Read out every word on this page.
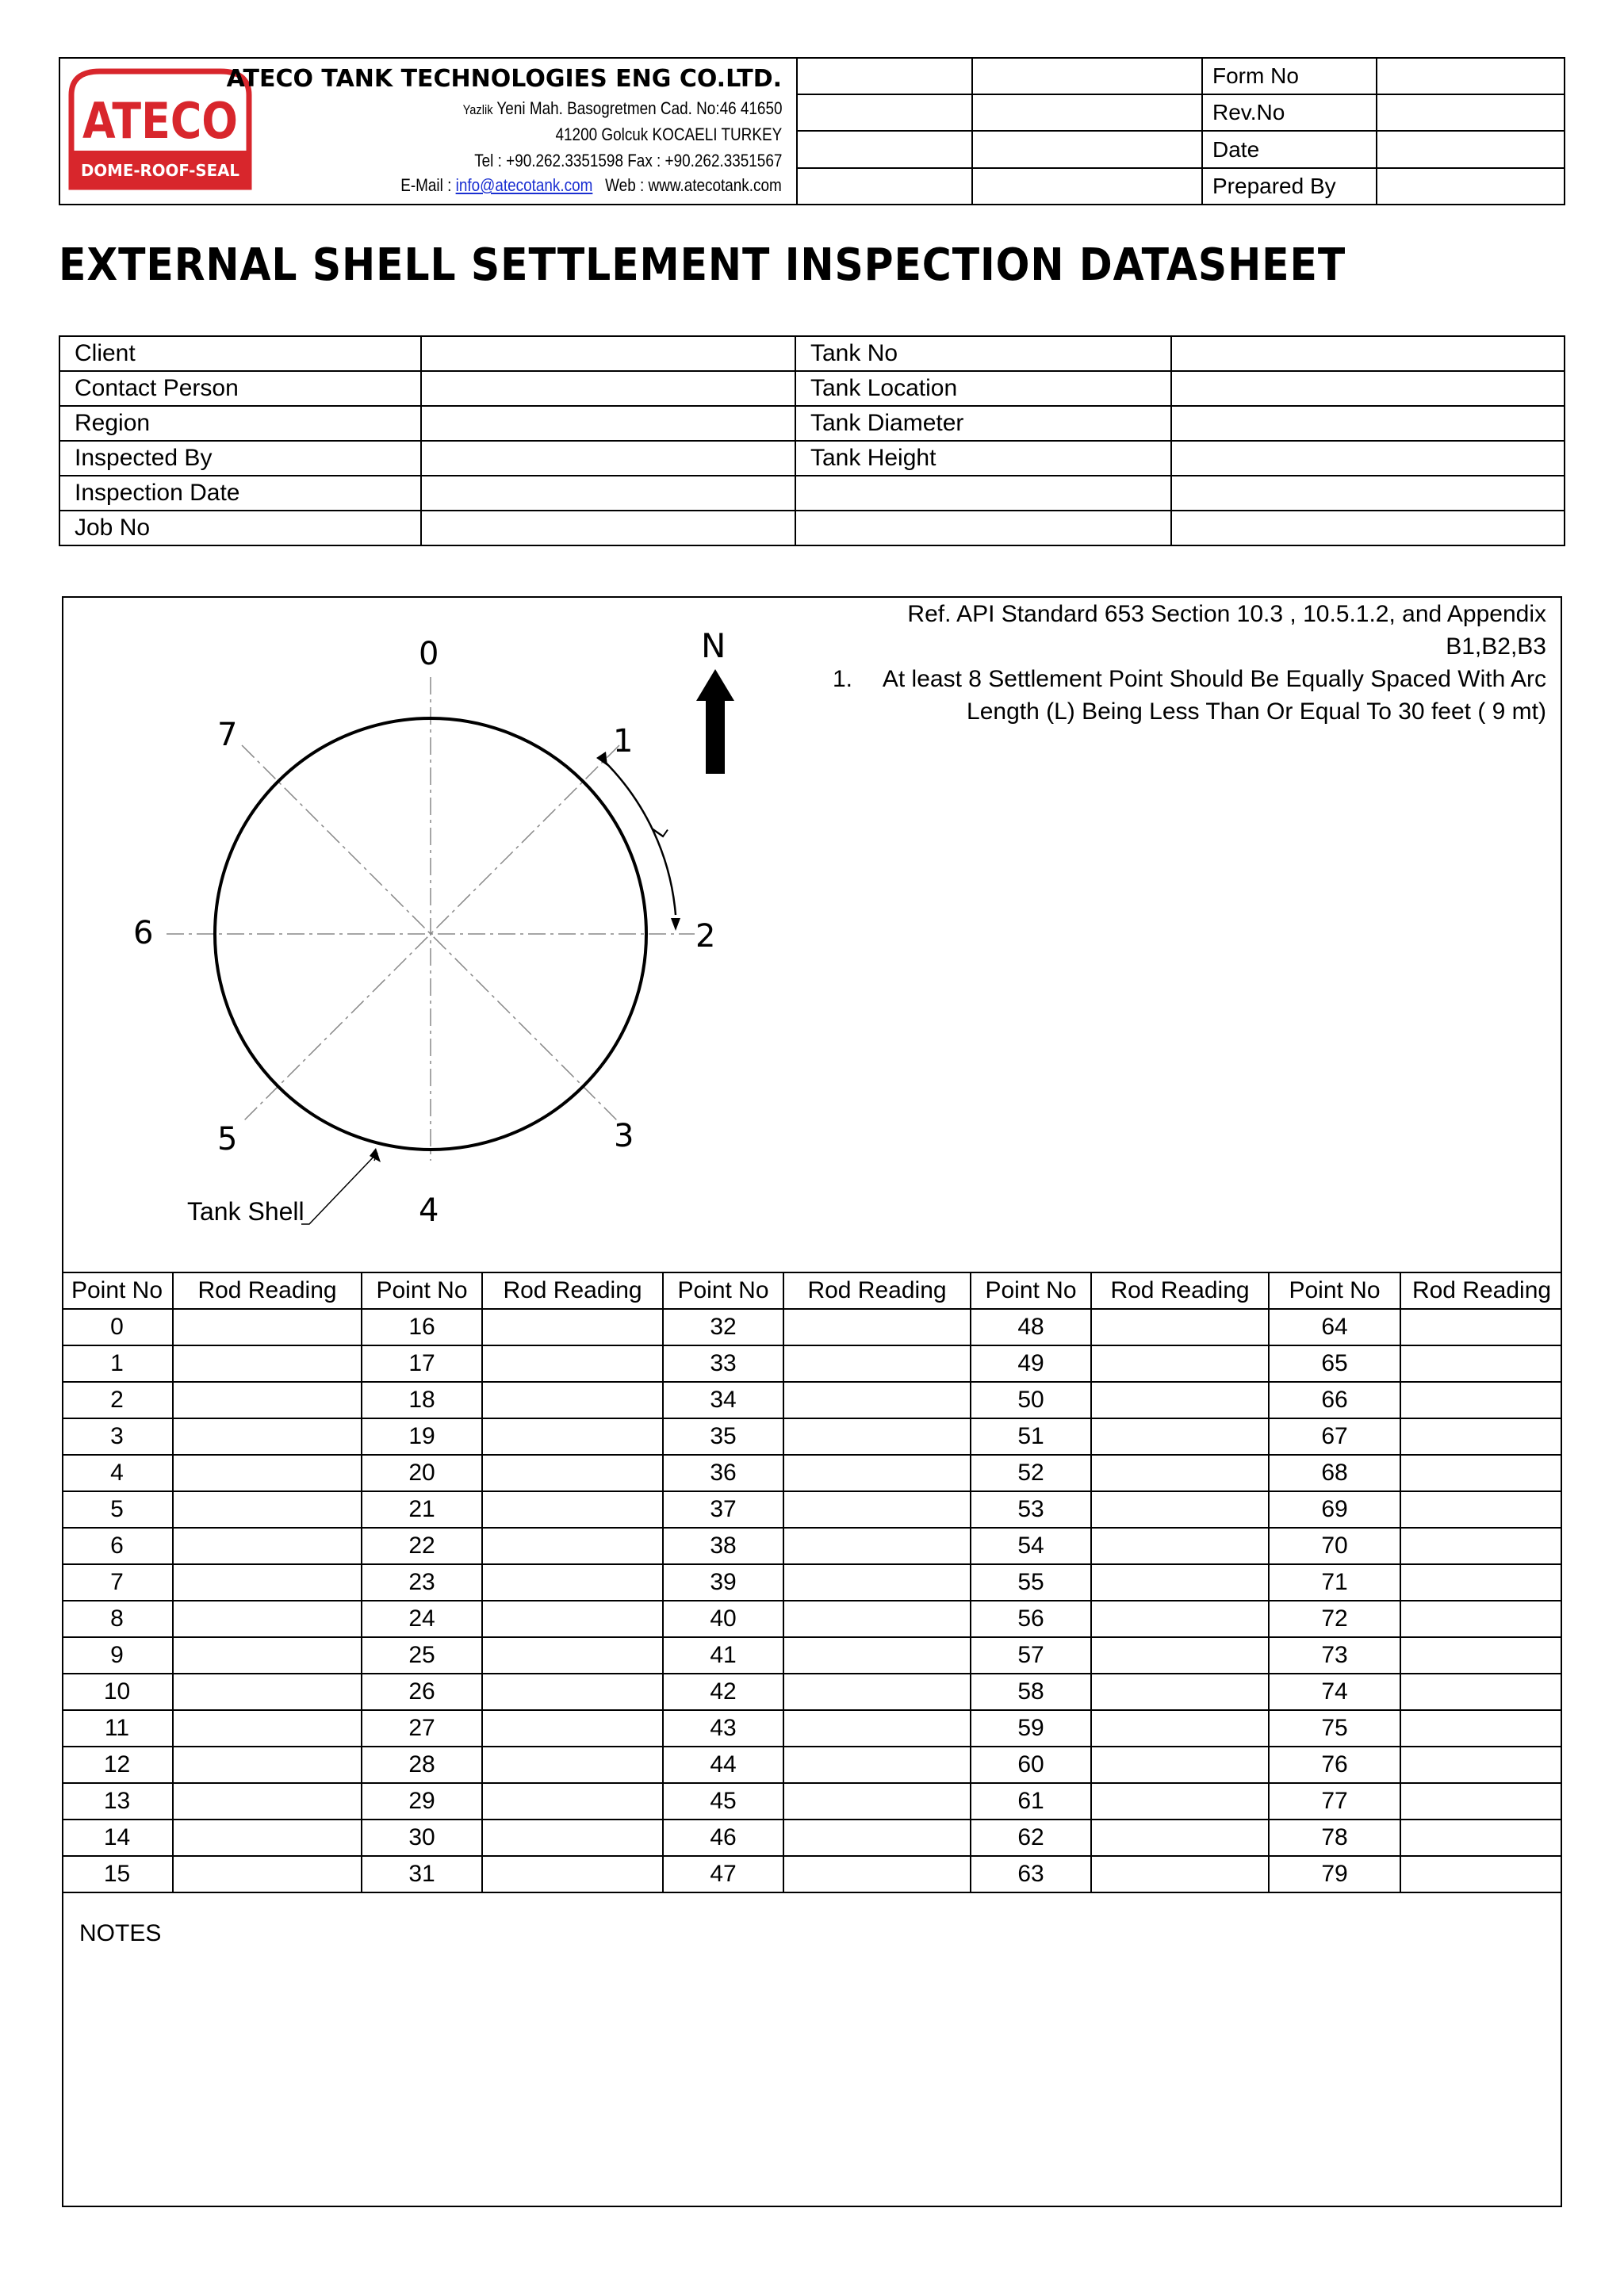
ATECO
DOME-ROOF-SEAL
ATECO TANK TECHNOLOGIES ENG CO.LTD.
Yazlik Yeni Mah. Basogretmen Cad. No:46 41650
41200 Golcuk KOCAELI TURKEY
Tel : +90.262.3351598 Fax : +90.262.3351567
E-Mail : info@atecotank.com Web : www.atecotank.com
		Form No	
		Rev.No	
		Date	
		Prepared By	
EXTERNAL SHELL SETTLEMENT INSPECTION DATASHEET
Client		Tank No	
Contact Person		Tank Location	
Region		Tank Diameter	
Inspected By		Tank Height	
Inspection Date			
Job No			
0
1
2
3
4
5
6
7
N
L
Tank Shell
Ref. API Standard 653 Section 10.3 , 10.5.1.2, and Appendix B1,B2,B3
1. At least 8 Settlement Point Should Be Equally Spaced With Arc
Length (L) Being Less Than Or Equal To 30 feet ( 9 mt)
Point No	Rod Reading	Point No	Rod Reading	Point No	Rod Reading	Point No	Rod Reading	Point No	Rod Reading
0		16		32		48		64	
1		17		33		49		65	
2		18		34		50		66	
3		19		35		51		67	
4		20		36		52		68	
5		21		37		53		69	
6		22		38		54		70	
7		23		39		55		71	
8		24		40		56		72	
9		25		41		57		73	
10		26		42		58		74	
11		27		43		59		75	
12		28		44		60		76	
13		29		45		61		77	
14		30		46		62		78	
15		31		47		63		79	
NOTES
